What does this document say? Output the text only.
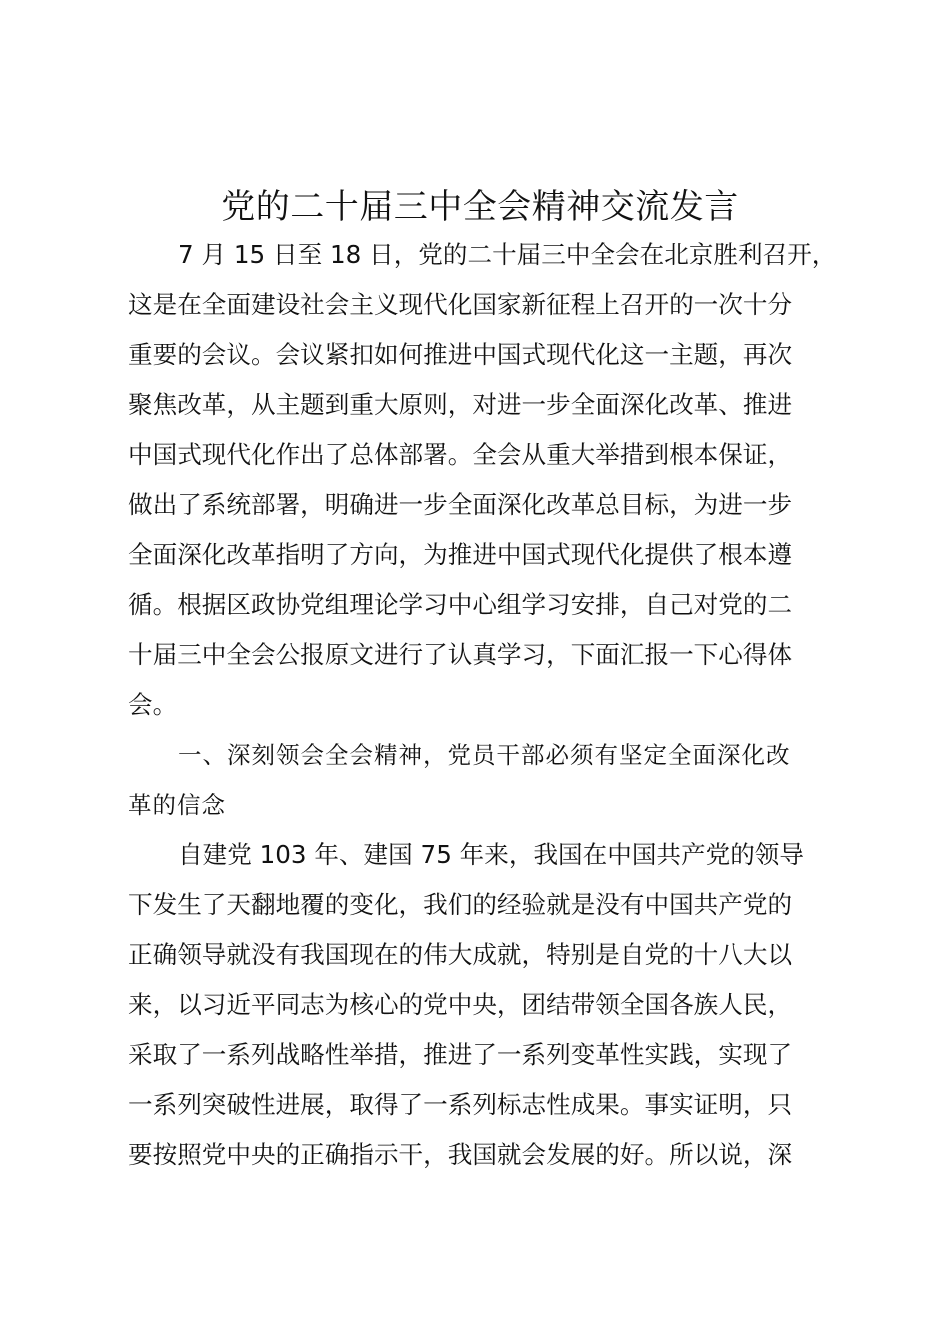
党的二十届三中全会精神交流发言
7 月 15 日至 18 日，党的二十届三中全会在北京胜利召开，
这是在全面建设社会主义现代化国家新征程上召开的一次十分
重要的会议。会议紧扣如何推进中国式现代化这一主题，再次
聚焦改革，从主题到重大原则，对进一步全面深化改革、推进
中国式现代化作出了总体部署。全会从重大举措到根本保证，
做出了系统部署，明确进一步全面深化改革总目标，为进一步
全面深化改革指明了方向，为推进中国式现代化提供了根本遵
循。根据区政协党组理论学习中心组学习安排，自己对党的二
十届三中全会公报原文进行了认真学习，下面汇报一下心得体
会。
一、深刻领会全会精神，党员干部必须有坚定全面深化改
革的信念
自建党 103 年、建国 75 年来，我国在中国共产党的领导
下发生了天翻地覆的变化，我们的经验就是没有中国共产党的
正确领导就没有我国现在的伟大成就，特别是自党的十八大以
来，以习近平同志为核心的党中央，团结带领全国各族人民，
采取了一系列战略性举措，推进了一系列变革性实践，实现了
一系列突破性进展，取得了一系列标志性成果。事实证明，只
要按照党中央的正确指示干，我国就会发展的好。所以说，深
